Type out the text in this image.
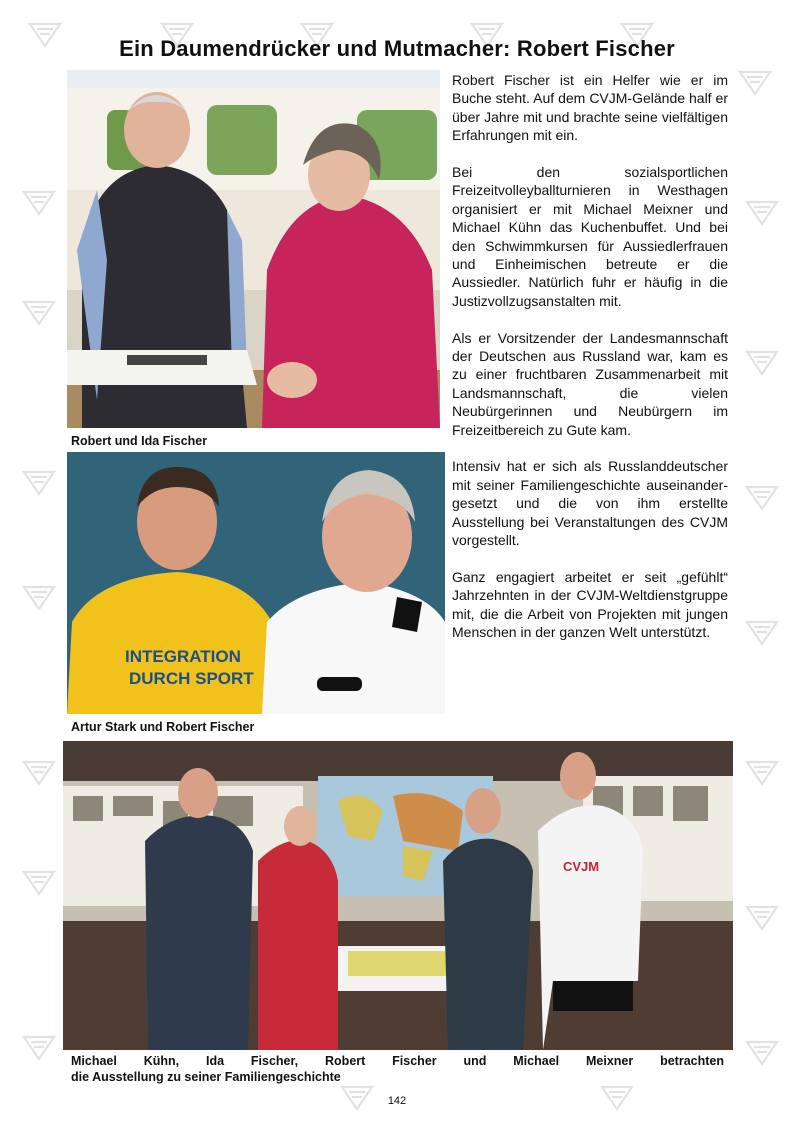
Ein Daumendrücker und Mutmacher: Robert Fischer
Robert und Ida Fischer
INTEGRATION
DURCH SPORT
Artur Stark und Robert Fischer
CVJM
Michael Kühn, Ida Fischer, Robert Fischer und Michael Meixner betrachten
die Ausstellung zu seiner Familiengeschichte

Robert Fischer ist ein Helfer wie er im Buche steht. Auf dem CVJM-Gelände half er über Jahre mit und brachte seine vielfältigen Erfahrungen mit ein.

Bei den sozialsportlichen Freizeitvolleyballturnieren in Westhagen organisiert er mit Michael Meixner und Michael Kühn das Kuchenbuffet. Und bei den Schwimmkursen für Aussiedlerfrauen und Einheimischen betreute er die Aussiedler. Natürlich fuhr er häufig in die Justizvollzugsanstalten mit.

Als er Vorsitzender der Landesmannschaft der Deutschen aus Russland war, kam es zu einer fruchtbaren Zusammenarbeit mit Landsmannschaft, die vielen Neubürgerinnen und Neubürgern im Freizeitbereich zu Gute kam.

Intensiv hat er sich als Russlanddeutscher mit seiner Familiengeschichte auseinander-gesetzt und die von ihm erstellte Ausstellung bei Veranstaltungen des CVJM vorgestellt.

Ganz engagiert arbeitet er seit „gefühlt“ Jahrzehnten in der CVJM-Weltdienstgruppe mit, die die Arbeit von Projekten mit jungen Menschen in der ganzen Welt unterstützt.

142
